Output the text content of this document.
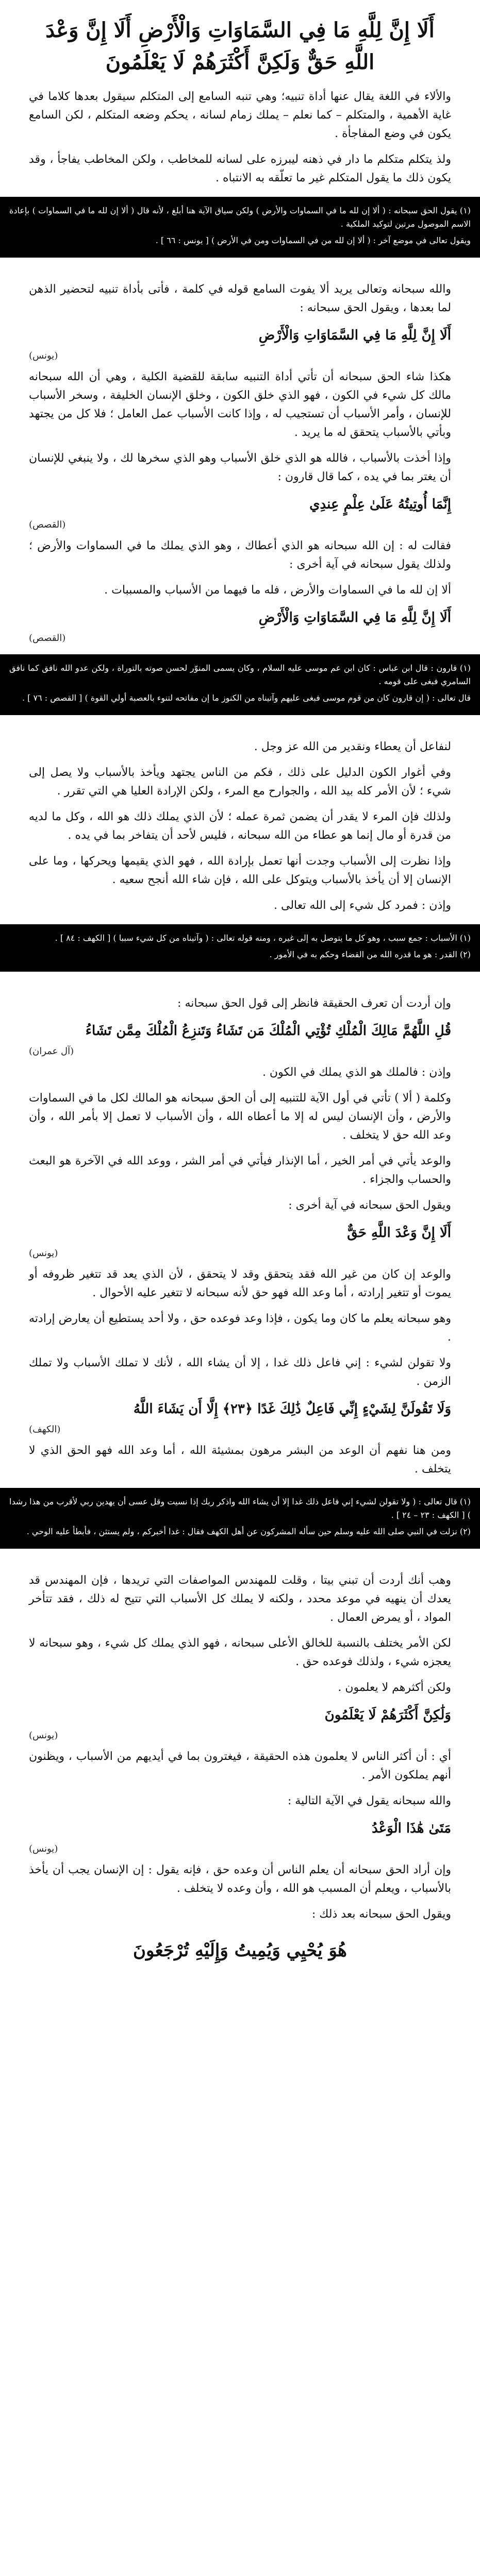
أَلَا إِنَّ لِلَّهِ مَا فِي السَّمَاوَاتِ وَالْأَرْضِ أَلَا إِنَّ وَعْدَ اللَّهِ حَقٌّ وَلَكِنَّ أَكْثَرَهُمْ لَا يَعْلَمُونَ

والألاء في اللغة يقال عنها أداة تنبيه؛ وهي تنبه السامع إلى المتكلم سيقول بعدها كلاما في غاية الأهمية ، والمتكلم – كما نعلم – يملك زمام لسانه ، يحكم وضعه المتكلم ، لكن السامع يكون في وضع المفاجأة .

ولذ يتكلم متكلم ما دار في ذهنه ليبرزه على لسانه للمخاطب ، ولكن المخاطب يفاجأ ، وقد يكون ذلك ما يقول المتكلم غير ما تعلّقه به الانتباه .

(١) يقول الحق سبحانه : ( ألا إن لله ما في السماوات والأرض ) ولكن سياق الآية هنا أبلغ ، لأنه قال ( ألا إن لله ما في السماوات ) بإعادة الاسم الموصول مرتين لتوكيد الملكية .

ويقول تعالى في موضع آخر : ( ألا إن لله من في السماوات ومن في الأرض ) [ يونس : ٦٦ ] .

والله سبحانه وتعالى يريد ألا يفوت السامع قوله في كلمة ، فأتى بأداة تنبيه لتحضير الذهن لما بعدها ، ويقول الحق سبحانه :

أَلَا إِنَّ لِلَّهِ مَا فِي السَّمَاوَاتِ وَالْأَرْضِ
(يونس)

هكذا شاء الحق سبحانه أن تأتي أداة التنبيه سابقة للقضية الكلية ، وهي أن الله سبحانه مالك كل شيء في الكون ، فهو الذي خلق الكون ، وخلق الإنسان الخليفة ، وسخر الأسباب للإنسان ، وأمر الأسباب أن تستجيب له ، وإذا كانت الأسباب عمل العامل ؛ فلا كل من يجتهد وبأتي بالأسباب يتحقق له ما يريد .

وإذا أخذت بالأسباب ، فالله هو الذي خلق الأسباب وهو الذي سخرها لك ، ولا ينبغي للإنسان أن يغتر بما في يده ، كما قال قارون :

إِنَّمَا أُوتِيتُهُ عَلَىٰ عِلْمٍ عِندِي
(القصص)

فقالت له : إن الله سبحانه هو الذي أعطاك ، وهو الذي يملك ما في السماوات والأرض ؛ ولذلك يقول سبحانه في آية أخرى :

ألا إن لله ما في السماوات والأرض ، فله ما فيهما من الأسباب والمسببات .

أَلَا إِنَّ لِلَّهِ مَا فِي السَّمَاوَاتِ وَالْأَرْضِ
(القصص)

(١) قارون : قال ابن عباس : كان ابن عم موسى عليه السلام ، وكان يسمى المنوّر لحسن صوته بالتوراة ، ولكن عدو الله نافق كما نافق السامري فبغى على قومه .

قال تعالى : ( إن قارون كان من قوم موسى فبغى عليهم وآتيناه من الكنوز ما إن مفاتحه لتنوء بالعصبة أولي القوة ) [ القصص : ٧٦ ] .

لنفاعل أن يعطاء ونقدير من الله عز وجل .

وفي أغوار الكون الدليل على ذلك ، فكم من الناس يجتهد ويأخذ بالأسباب ولا يصل إلى شيء ؛ لأن الأمر كله بيد الله ، والجوارح مع المرء ، ولكن الإرادة العليا هي التي تقرر .

ولذلك فإن المرء لا يقدر أن يضمن ثمرة عمله ؛ لأن الذي يملك ذلك هو الله ، وكل ما لديه من قدرة أو مال إنما هو عطاء من الله سبحانه ، فليس لأحد أن يتفاخر بما في يده .

وإذا نظرت إلى الأسباب وجدت أنها تعمل بإرادة الله ، فهو الذي يقيمها ويحركها ، وما على الإنسان إلا أن يأخذ بالأسباب ويتوكل على الله ، فإن شاء الله أنجح سعيه .

وإذن : فمرد كل شيء إلى الله تعالى .

(١) الأسباب : جمع سبب ، وهو كل ما يتوصل به إلى غيره ، ومنه قوله تعالى : ( وآتيناه من كل شيء سببا ) [ الكهف : ٨٤ ] .

(٢) القدر : هو ما قدره الله من القضاء وحكم به في الأمور .

وإن أردت أن تعرف الحقيقة فانظر إلى قول الحق سبحانه :

قُلِ اللَّهُمَّ مَالِكَ الْمُلْكِ تُؤْتِي الْمُلْكَ مَن تَشَاءُ وَتَنزِعُ الْمُلْكَ مِمَّن تَشَاءُ
(آل عمران)

وإذن : فالملك هو الذي يملك في الكون .

وكلمة ( ألا ) تأتي في أول الآية للتنبيه إلى أن الحق سبحانه هو المالك لكل ما في السماوات والأرض ، وأن الإنسان ليس له إلا ما أعطاه الله ، وأن الأسباب لا تعمل إلا بأمر الله ، وأن وعد الله حق لا يتخلف .

والوعد يأتي في أمر الخير ، أما الإنذار فيأتي في أمر الشر ، ووعد الله في الآخرة هو البعث والحساب والجزاء .

ويقول الحق سبحانه في آية أخرى :

أَلَا إِنَّ وَعْدَ اللَّهِ حَقٌّ
(يونس)

والوعد إن كان من غير الله فقد يتحقق وقد لا يتحقق ، لأن الذي يعد قد تتغير ظروفه أو يموت أو تتغير إرادته ، أما وعد الله فهو حق لأنه سبحانه لا تتغير عليه الأحوال .

وهو سبحانه يعلم ما كان وما يكون ، فإذا وعد فوعده حق ، ولا أحد يستطيع أن يعارض إرادته .

ولا تقولن لشيء : إني فاعل ذلك غدا ، إلا أن يشاء الله ، لأنك لا تملك الأسباب ولا تملك الزمن .

وَلَا تَقُولَنَّ لِشَيْءٍ إِنِّي فَاعِلٌ ذَٰلِكَ غَدًا ﴿٢٣﴾ إِلَّا أَن يَشَاءَ اللَّهُ
(الكهف)

ومن هنا نفهم أن الوعد من البشر مرهون بمشيئة الله ، أما وعد الله فهو الحق الذي لا يتخلف .

(١) قال تعالى : ( ولا تقولن لشيء إني فاعل ذلك غدا إلا أن يشاء الله واذكر ربك إذا نسيت وقل عسى أن يهدين ربي لأقرب من هذا رشدا ) [ الكهف : ٢٣ – ٢٤ ] .

(٢) نزلت في النبي صلى الله عليه وسلم حين سأله المشركون عن أهل الكهف فقال : غدا أخبركم ، ولم يستثن ، فأبطأ عليه الوحي .

وهب أنك أردت أن تبني بيتا ، وقلت للمهندس المواصفات التي تريدها ، فإن المهندس قد يعدك أن ينهيه في موعد محدد ، ولكنه لا يملك كل الأسباب التي تتيح له ذلك ، فقد تتأخر المواد ، أو يمرض العمال .

لكن الأمر يختلف بالنسبة للخالق الأعلى سبحانه ، فهو الذي يملك كل شيء ، وهو سبحانه لا يعجزه شيء ، ولذلك فوعده حق .

ولكن أكثرهم لا يعلمون .

وَلَٰكِنَّ أَكْثَرَهُمْ لَا يَعْلَمُونَ
(يونس)

أي : أن أكثر الناس لا يعلمون هذه الحقيقة ، فيغترون بما في أيديهم من الأسباب ، ويظنون أنهم يملكون الأمر .

والله سبحانه يقول في الآية التالية :

مَتَىٰ هَٰذَا الْوَعْدُ
(يونس)

وإن أراد الحق سبحانه أن يعلم الناس أن وعده حق ، فإنه يقول : إن الإنسان يجب أن يأخذ بالأسباب ، ويعلم أن المسبب هو الله ، وأن وعده لا يتخلف .

ويقول الحق سبحانه بعد ذلك :

هُوَ يُحْيِي وَيُمِيتُ وَإِلَيْهِ تُرْجَعُونَ
